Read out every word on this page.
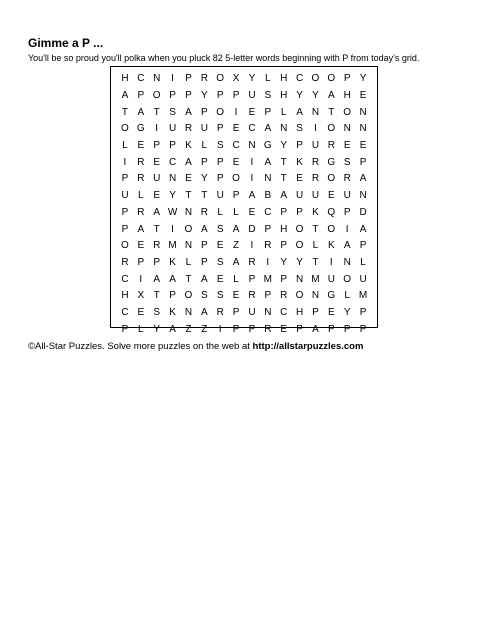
Gimme a P ...
You'll be so proud you'll polka when you pluck 82 5-letter words beginning with P from today's grid.
H C N	I	P R O X Y L H C O O P Y
A P O P P Y P P U S H Y Y A H E
T A T S A P O	I	E P L A N T O N
O G	I	U R U P E C A N S	I	O N N
L E P P K L S C N G Y P U R E E
I	R E C A P P E	I	A T K R G S P
P R U N E Y P O	I	N T E R O R A
U L E Y T T U P A B A U U E U N
P R A W N R L	L E C P P K Q P D
P A T	I	O A S A D P H O T O	I	A
O E R M N P E Z	I	R P O L K A P
R P P K L P S A R	I	Y Y T	I	N L
C	I	A A T A E L P M P N M U O U
H X T P O S S E R P R O N G L M
C E S K N A R P U N C H P E Y P
P L Y A Z Z	I	P P R E P A P P P
©All-Star Puzzles. Solve more puzzles on the web at http://allstarpuzzles.com
